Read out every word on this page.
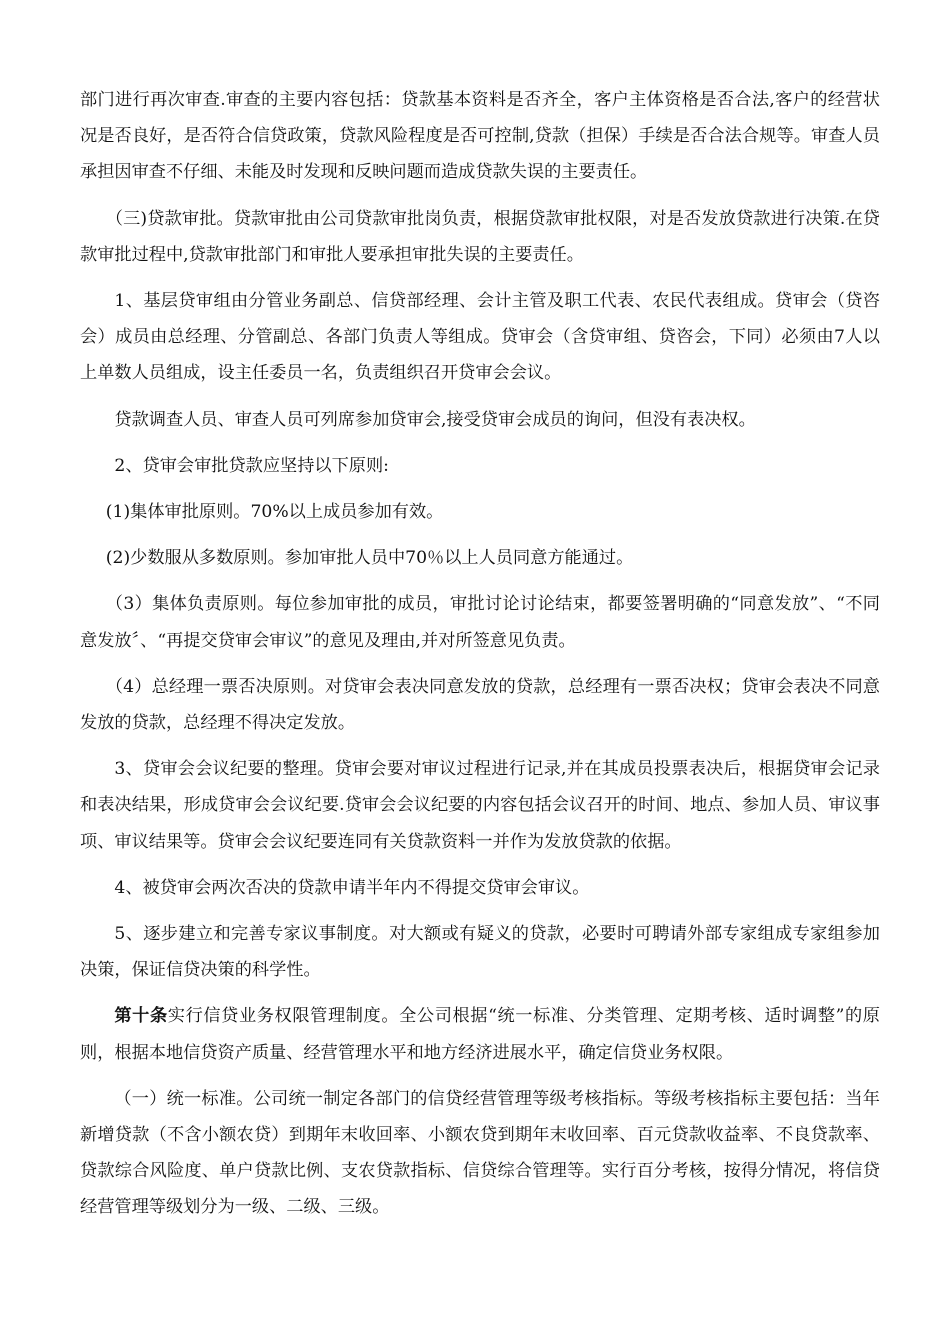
部门进行再次审查.审查的主要内容包括：贷款基本资料是否齐全，客户主体资格是否合法,客户的经营状况是否良好，是否符合信贷政策，贷款风险程度是否可控制,贷款（担保）手续是否合法合规等。审查人员承担因审查不仔细、未能及时发现和反映问题而造成贷款失误的主要责任。

（三)贷款审批。贷款审批由公司贷款审批岗负责，根据贷款审批权限，对是否发放贷款进行决策.在贷款审批过程中,贷款审批部门和审批人要承担审批失误的主要责任。

1、基层贷审组由分管业务副总、信贷部经理、会计主管及职工代表、农民代表组成。贷审会（贷咨会）成员由总经理、分管副总、各部门负责人等组成。贷审会（含贷审组、贷咨会，下同）必须由7人以上单数人员组成，设主任委员一名，负责组织召开贷审会会议。

贷款调查人员、审查人员可列席参加贷审会,接受贷审会成员的询问，但没有表决权。

2、贷审会审批贷款应坚持以下原则:

(1)集体审批原则。70%以上成员参加有效。

(2)少数服从多数原则。参加审批人员中70％以上人员同意方能通过。

（3）集体负责原则。每位参加审批的成员，审批讨论讨论结束，都要签署明确的“同意发放”、“不同意发放〞、“再提交贷审会审议”的意见及理由,并对所签意见负责。

（4）总经理一票否决原则。对贷审会表决同意发放的贷款，总经理有一票否决权；贷审会表决不同意发放的贷款，总经理不得决定发放。

3、贷审会会议纪要的整理。贷审会要对审议过程进行记录,并在其成员投票表决后，根据贷审会记录和表决结果，形成贷审会会议纪要.贷审会会议纪要的内容包括会议召开的时间、地点、参加人员、审议事项、审议结果等。贷审会会议纪要连同有关贷款资料一并作为发放贷款的依据。

4、被贷审会两次否决的贷款申请半年内不得提交贷审会审议。

5、逐步建立和完善专家议事制度。对大额或有疑义的贷款，必要时可聘请外部专家组成专家组参加决策，保证信贷决策的科学性。

第十条实行信贷业务权限管理制度。全公司根据“统一标准、分类管理、定期考核、适时调整”的原则，根据本地信贷资产质量、经营管理水平和地方经济进展水平，确定信贷业务权限。

（一）统一标准。公司统一制定各部门的信贷经营管理等级考核指标。等级考核指标主要包括：当年新增贷款（不含小额农贷）到期年末收回率、小额农贷到期年末收回率、百元贷款收益率、不良贷款率、贷款综合风险度、单户贷款比例、支农贷款指标、信贷综合管理等。实行百分考核，按得分情况，将信贷经营管理等级划分为一级、二级、三级。
